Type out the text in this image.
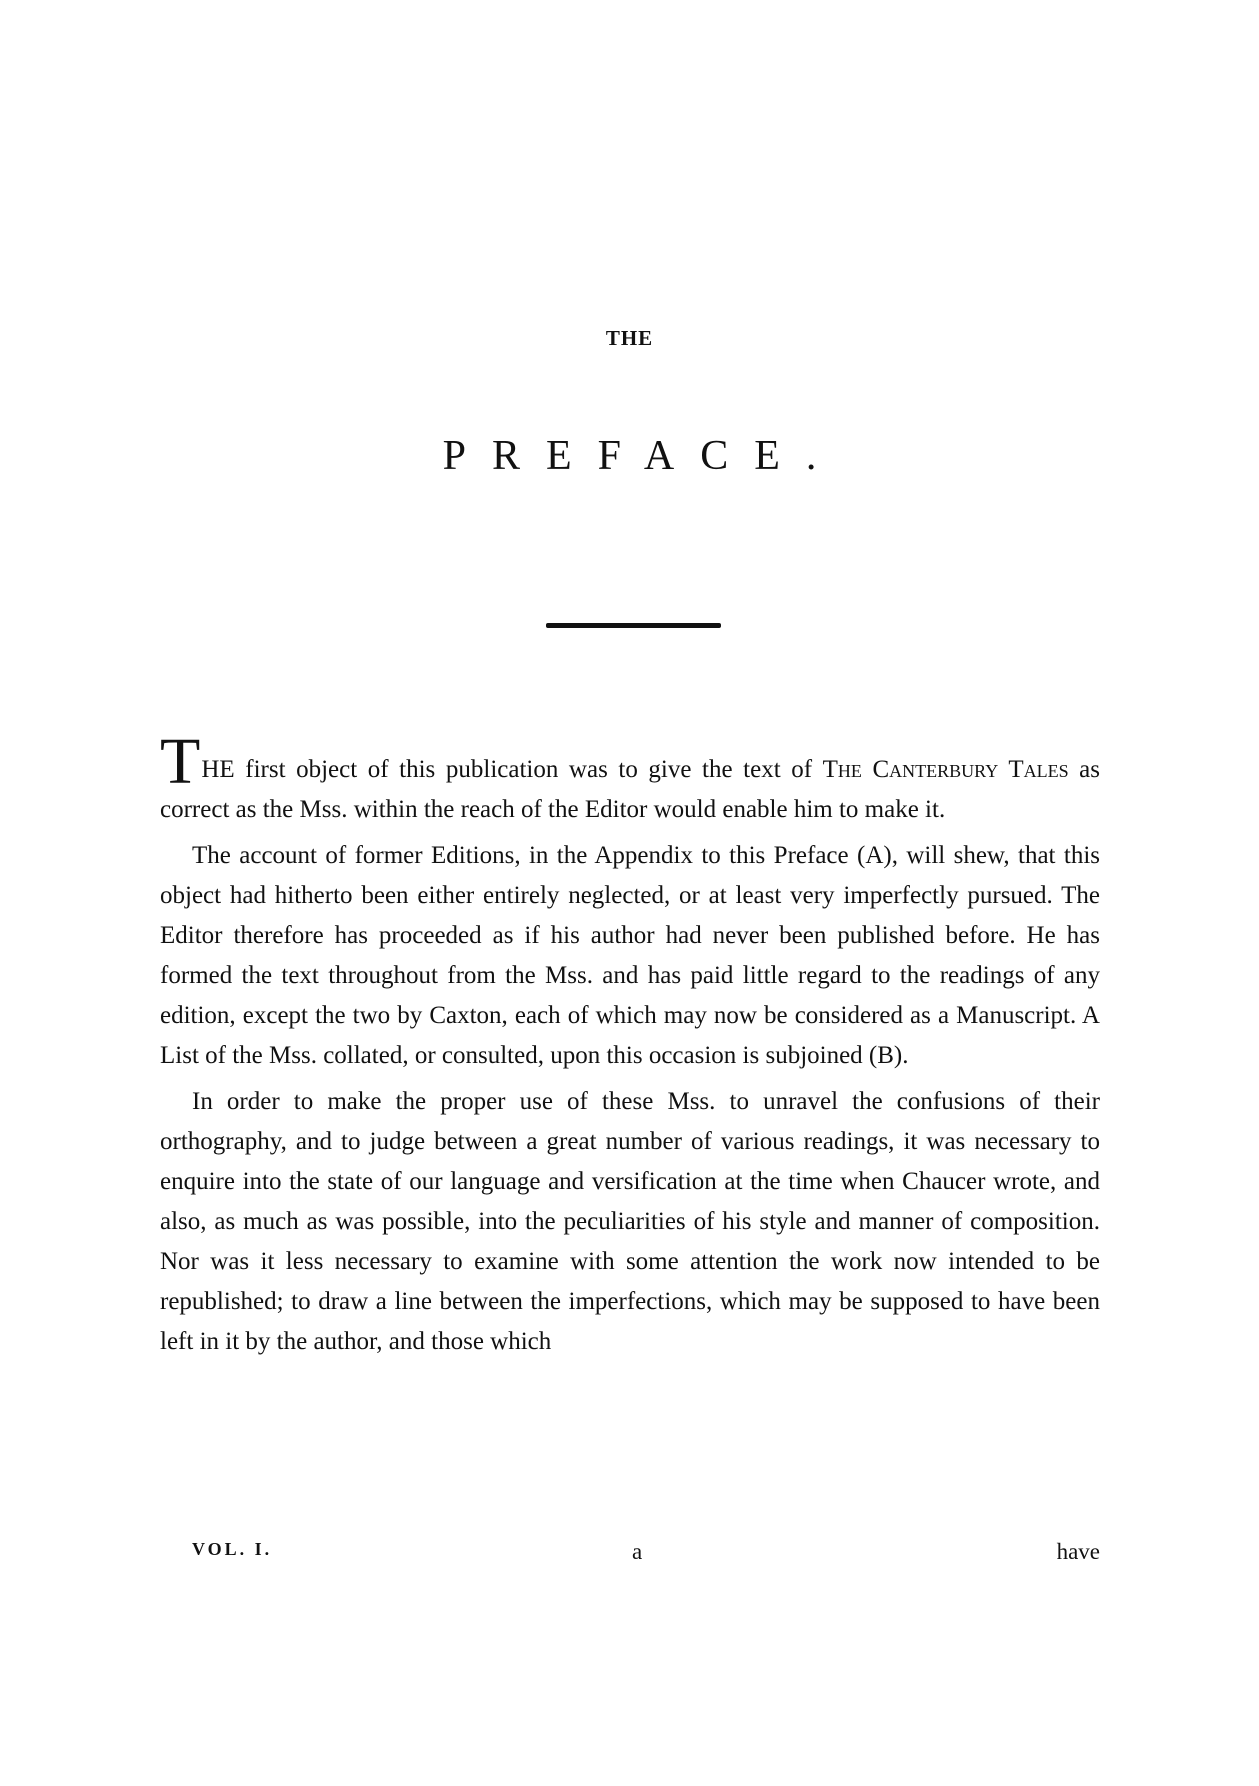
THE
PREFACE.

THE first object of this publication was to give the text of The Canterbury Tales as correct as the Mss. within the reach of the Editor would enable him to make it.

The account of former Editions, in the Appendix to this Preface (A), will shew, that this object had hitherto been either entirely neglected, or at least very imperfectly pursued. The Editor therefore has proceeded as if his author had never been published before. He has formed the text throughout from the Mss. and has paid little regard to the readings of any edition, except the two by Caxton, each of which may now be considered as a Manuscript. A List of the Mss. collated, or consulted, upon this occasion is subjoined (B).

In order to make the proper use of these Mss. to unravel the confusions of their orthography, and to judge between a great number of various readings, it was necessary to enquire into the state of our language and versification at the time when Chaucer wrote, and also, as much as was possible, into the peculiarities of his style and manner of composition. Nor was it less necessary to examine with some attention the work now intended to be republished; to draw a line between the imperfections, which may be supposed to have been left in it by the author, and those which

VOL. I.	a	have
